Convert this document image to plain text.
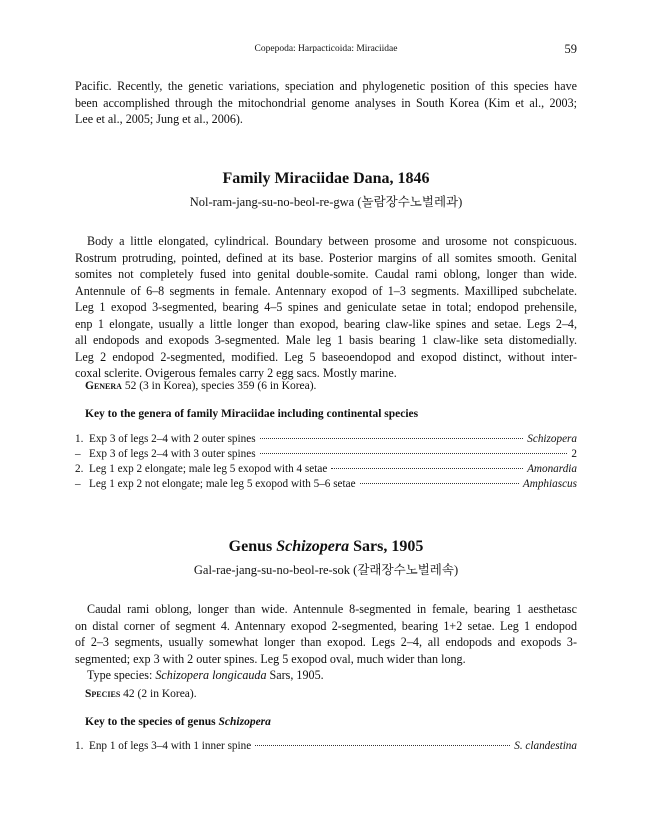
Copepoda: Harpacticoida: Miraciidae	59

Pacific. Recently, the genetic variations, speciation and phylogenetic position of this species have
been accomplished through the mitochondrial genome analyses in South Korea (Kim et al., 2003;
Lee et al., 2005; Jung et al., 2006).

Family Miraciidae Dana, 1846
Nol-ram-jang-su-no-beol-re-gwa (놀람장수노벌레과)

Body a little elongated, cylindrical. Boundary between prosome and urosome not conspicuous.
Rostrum protruding, pointed, defined at its base. Posterior margins of all somites smooth. Genital
somites not completely fused into genital double-somite. Caudal rami oblong, longer than wide.
Antennule of 6–8 segments in female. Antennary exopod of 1–3 segments. Maxilliped subchelate.
Leg 1 exopod 3-segmented, bearing 4–5 spines and geniculate setae in total; endopod prehensile,
enp 1 elongate, usually a little longer than exopod, bearing claw-like spines and setae. Legs 2–4,
all endopods and exopods 3-segmented. Male leg 1 basis bearing 1 claw-like seta distomedially.
Leg 2 endopod 2-segmented, modified. Leg 5 baseoendopod and exopod distinct, without inter-
coxal sclerite. Ovigerous females carry 2 egg sacs. Mostly marine.

Genera 52 (3 in Korea), species 359 (6 in Korea).
Key to the genera of family Miraciidae including continental species
1. Exp 3 of legs 2–4 with 2 outer spines	Schizopera
– Exp 3 of legs 2–4 with 3 outer spines	2
2. Leg 1 exp 2 elongate; male leg 5 exopod with 4 setae	Amonardia
– Leg 1 exp 2 not elongate; male leg 5 exopod with 5–6 setae	Amphiascus
Genus Schizopera Sars, 1905
Gal-rae-jang-su-no-beol-re-sok (갈래장수노벌레속)

Caudal rami oblong, longer than wide. Antennule 8-segmented in female, bearing 1 aesthetasc
on distal corner of segment 4. Antennary exopod 2-segmented, bearing 1+2 setae. Leg 1 endopod
of 2–3 segments, usually somewhat longer than exopod. Legs 2–4, all endopods and exopods 3-
segmented; exp 3 with 2 outer spines. Leg 5 exopod oval, much wider than long.
Type species: Schizopera longicauda Sars, 1905.

Species 42 (2 in Korea).
Key to the species of genus Schizopera
1. Enp 1 of legs 3–4 with 1 inner spine	S. clandestina
